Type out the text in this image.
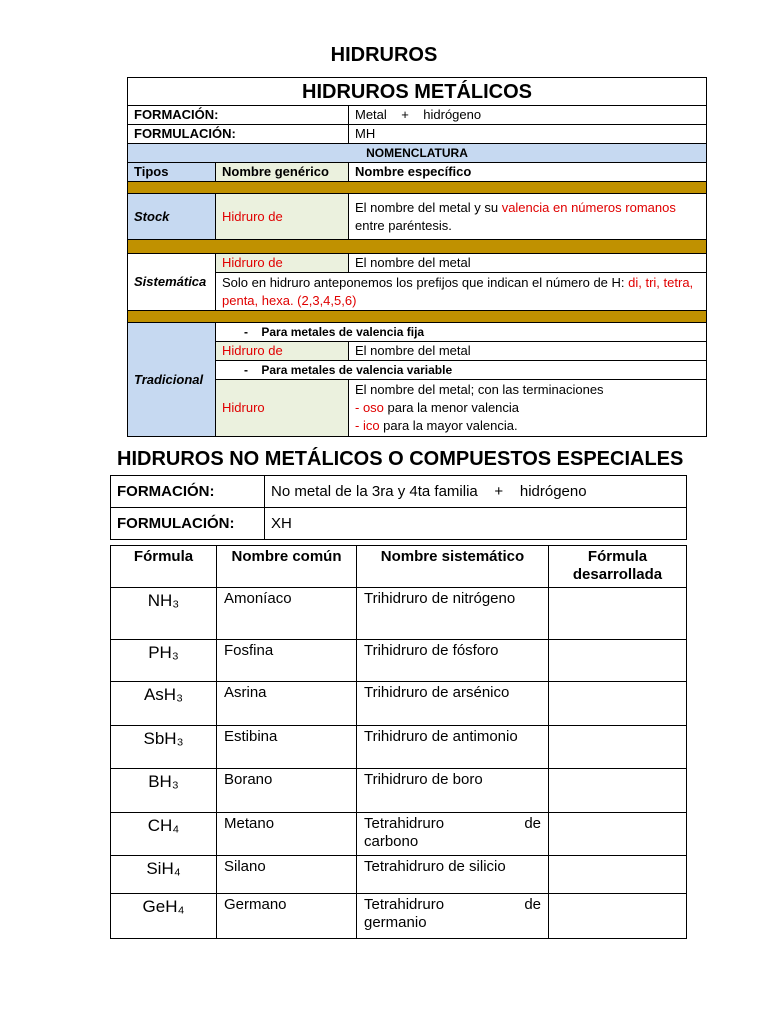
HIDRUROS
HIDRUROS METÁLICOS		
FORMACIÓN:		Metal    +    hidrógeno
FORMULACIÓN:		MH
NOMENCLATURA		
Tipos	Nombre genérico	Nombre específico

Stock	Hidruro de	El nombre del metal y su valencia en números romanos entre paréntesis.

Sistemática	Hidruro de	El nombre del metal
	Solo en hidruro anteponemos los prefijos que indican el número de H: di, tri, tetra, penta, hexa. (2,3,4,5,6)	

Tradicional	-    Para metales de valencia fija	
	Hidruro de	El nombre del metal
	-    Para metales de valencia variable	
	Hidruro	El nombre del metal; con las terminaciones
- oso para la menor valencia
- ico para la mayor valencia.
HIDRUROS NO METÁLICOS O COMPUESTOS ESPECIALES
FORMACIÓN:	No metal de la 3ra y 4ta familia    +    hidrógeno
FORMULACIÓN:	XH
Fórmula	Nombre común	Nombre sistemático	Fórmula desarrollada
NH₃	Amoníaco	Trihidruro de nitrógeno	
PH₃	Fosfina	Trihidruro de fósforo	
AsH₃	Asrina	Trihidruro de arsénico	
SbH₃	Estibina	Trihidruro de antimonio	
BH₃	Borano	Trihidruro de boro	
CH₄	Metano	Tetrahidruro de
carbono	

SiH₄	Silano	Tetrahidruro de silicio	
GeH₄	Germano	Tetrahidruro de
germanio	
